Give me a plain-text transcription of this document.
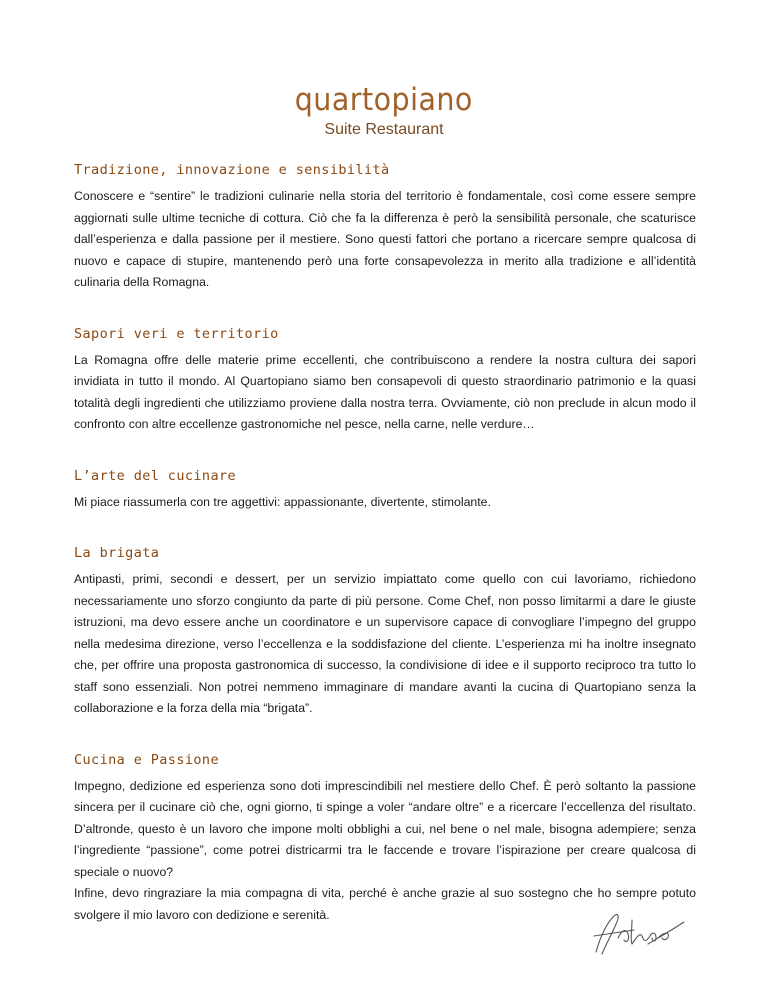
quartopiano
Suite Restaurant
Tradizione, innovazione e sensibilità

Conoscere e “sentire” le tradizioni culinarie nella storia del territorio è fondamentale, così come essere sempre aggiornati sulle ultime tecniche di cottura. Ciò che fa la differenza è però la sensibilità personale, che scaturisce dall’esperienza e dalla passione per il mestiere. Sono questi fattori che portano a ricercare sempre qualcosa di nuovo e capace di stupire, mantenendo però una forte consapevolezza in merito alla tradizione e all’identità culinaria della Romagna.

Sapori veri e territorio

La Romagna offre delle materie prime eccellenti, che contribuiscono a rendere la nostra cultura dei sapori invidiata in tutto il mondo. Al Quartopiano siamo ben consapevoli di questo straordinario patrimonio e la quasi totalità degli ingredienti che utilizziamo proviene dalla nostra terra. Ovviamente, ciò non preclude in alcun modo il confronto con altre eccellenze gastronomiche nel pesce, nella carne, nelle verdure…

L’arte del cucinare

Mi piace riassumerla con tre aggettivi: appassionante, divertente, stimolante.

La brigata

Antipasti, primi, secondi e dessert, per un servizio impiattato come quello con cui lavoriamo, richiedono necessariamente uno sforzo congiunto da parte di più persone. Come Chef, non posso limitarmi a dare le giuste istruzioni, ma devo essere anche un coordinatore e un supervisore capace di convogliare l’impegno del gruppo nella medesima direzione, verso l’eccellenza e la soddisfazione del cliente. L’esperienza mi ha inoltre insegnato che, per offrire una proposta gastronomica di successo, la condivisione di idee e il supporto reciproco tra tutto lo staff sono essenziali. Non potrei nemmeno immaginare di mandare avanti la cucina di Quartopiano senza la collaborazione e la forza della mia “brigata”.

Cucina e Passione

Impegno, dedizione ed esperienza sono doti imprescindibili nel mestiere dello Chef. È però soltanto la passione sincera per il cucinare ciò che, ogni giorno, ti spinge a voler “andare oltre” e a ricercare l’eccellenza del risultato. D’altronde, questo è un lavoro che impone molti obblighi a cui, nel bene o nel male, bisogna adempiere; senza l’ingrediente “passione”, come potrei districarmi tra le faccende e trovare l’ispirazione per creare qualcosa di speciale o nuovo?

Infine, devo ringraziare la mia compagna di vita, perché è anche grazie al suo sostegno che ho sempre potuto svolgere il mio lavoro con dedizione e serenità.
